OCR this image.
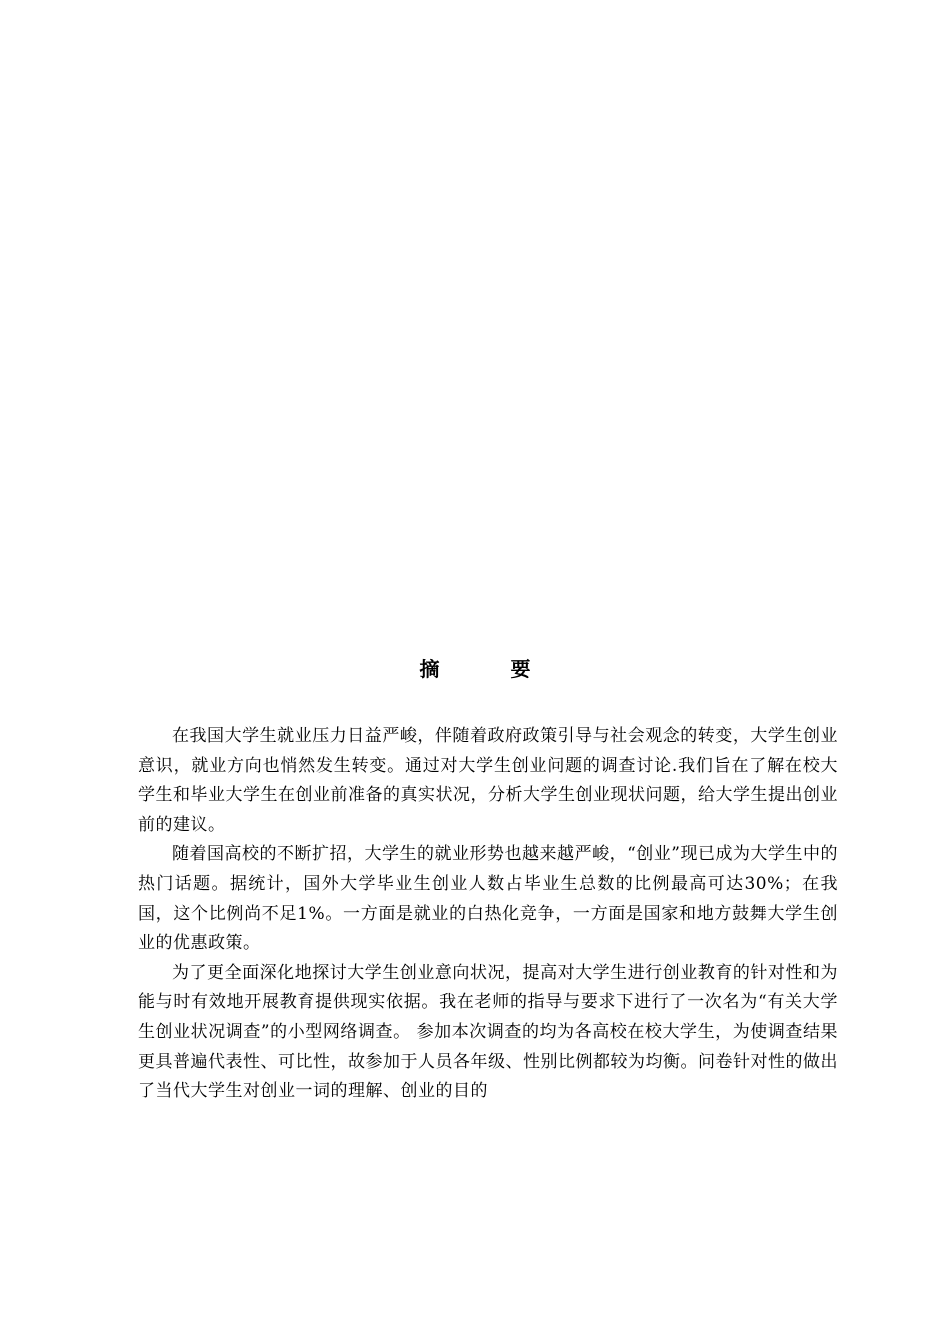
摘 要

在我国大学生就业压力日益严峻，伴随着政府政策引导与社会观念的转变，大学生创业意识，就业方向也悄然发生转变。通过对大学生创业问题的调查讨论.我们旨在了解在校大学生和毕业大学生在创业前准备的真实状况，分析大学生创业现状问题，给大学生提出创业前的建议。

随着国高校的不断扩招，大学生的就业形势也越来越严峻，“创业”现已成为大学生中的热门话题。据统计，国外大学毕业生创业人数占毕业生总数的比例最高可达30%；在我国，这个比例尚不足1%。一方面是就业的白热化竞争，一方面是国家和地方鼓舞大学生创业的优惠政策。

为了更全面深化地探讨大学生创业意向状况，提高对大学生进行创业教育的针对性和为能与时有效地开展教育提供现实依据。我在老师的指导与要求下进行了一次名为“有关大学生创业状况调查”的小型网络调查。 参加本次调查的均为各高校在校大学生，为使调查结果更具普遍代表性、可比性，故参加于人员各年级、性别比例都较为均衡。问卷针对性的做出了当代大学生对创业一词的理解、创业的目的
